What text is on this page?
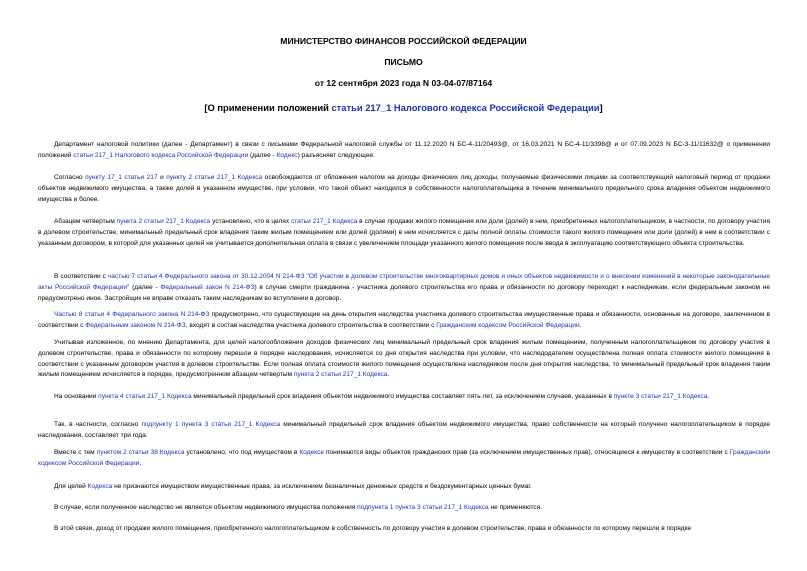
МИНИСТЕРСТВО ФИНАНСОВ РОССИЙСКОЙ ФЕДЕРАЦИИ
ПИСЬМО
от 12 сентября 2023 года N 03-04-07/87164
[О применении положений статьи 217_1 Налогового кодекса Российской Федерации]

Департамент налоговой политики (далее - Департамент) в связи с письмами Федеральной налоговой службы от 11.12.2020 N БС-4-11/20493@, от 16.03.2021 N БС-4-11/3398@ и от 07.09.2023 N БС-3-11/11632@ о применении положений статьи 217_1 Налогового кодекса Российской Федерации (далее - Кодекс) разъясняет следующее.

Согласно пункту 17_1 статьи 217 и пункту 2 статьи 217_1 Кодекса освобождаются от обложения налогом на доходы физических лиц доходы, получаемые физическими лицами за соответствующий налоговый период от продажи объектов недвижимого имущества, а также долей в указанном имуществе, при условии, что такой объект находился в собственности налогоплательщика в течение минимального предельного срока владения объектом недвижимого имущества и более.

Абзацем четвертым пункта 2 статьи 217_1 Кодекса установлено, что в целях статьи 217_1 Кодекса в случае продажи жилого помещения или доли (долей) в нем, приобретенных налогоплательщиком, в частности, по договору участия в долевом строительстве, минимальный предельный срок владения таким жилым помещением или долей (долями) в нем исчисляется с даты полной оплаты стоимости такого жилого помещения или доли (долей) в нем в соответствии с указанным договором, в которой для указанных целей не учитывается дополнительная оплата в связи с увеличением площади указанного жилого помещения после ввода в эксплуатацию соответствующего объекта строительства.

В соответствии с частью 7 статьи 4 Федерального закона от 30.12.2004 N 214-ФЗ "Об участии в долевом строительстве многоквартирных домов и иных объектов недвижимости и о внесении изменений в некоторые законодательные акты Российской Федерации" (далее - Федеральный закон N 214-ФЗ) в случае смерти гражданина - участника долевого строительства его права и обязанности по договору переходят к наследникам, если федеральным законом не предусмотрено иное. Застройщик не вправе отказать таким наследникам во вступлении в договор.

Частью 8 статьи 4 Федерального закона N 214-ФЗ предусмотрено, что существующие на день открытия наследства участника долевого строительства имущественные права и обязанности, основанные на договоре, заключенном в соответствии с Федеральным законом N 214-ФЗ, входят в состав наследства участника долевого строительства в соответствии с Гражданским кодексом Российской Федерации.

Учитывая изложенное, по мнению Департамента, для целей налогообложения доходов физических лиц минимальный предельный срок владения жилым помещением, полученным налогоплательщиком по договору участия в долевом строительстве, права и обязанности по которому перешли в порядке наследования, исчисляется со дня открытия наследства при условии, что наследодателем осуществлена полная оплата стоимости жилого помещения в соответствии с указанным договором участия в долевом строительстве. Если полная оплата стоимости жилого помещения осуществлена наследником после дня открытия наследства, то минимальный предельный срок владения таким жилым помещением исчисляется в порядке, предусмотренном абзацем четвертым пункта 2 статьи 217_1 Кодекса.

На основании пункта 4 статьи 217_1 Кодекса минимальный предельный срок владения объектом недвижимого имущества составляет пять лет, за исключением случаев, указанных в пункте 3 статьи 217_1 Кодекса.

Так, в частности, согласно подпункту 1 пункта 3 статьи 217_1 Кодекса минимальный предельный срок владения объектом недвижимого имущества, право собственности на который получено налогоплательщиком в порядке наследования, составляет три года.

Вместе с тем пунктом 2 статьи 38 Кодекса установлено, что под имуществом в Кодексе понимаются виды объектов гражданских прав (за исключением имущественных прав), относящиеся к имуществу в соответствии с Гражданским кодексом Российской Федерации.

Для целей Кодекса не признаются имуществом имущественные права, за исключением безналичных денежных средств и бездокументарных ценных бумаг.

В случае, если полученное наследство не является объектом недвижимого имущества положения подпункта 1 пункта 3 статьи 217_1 Кодекса не применяются.

В этой связи, доход от продажи жилого помещения, приобретенного налогоплательщиком в собственность по договору участия в долевом строительстве, права и обязанности по которому перешли в порядке
